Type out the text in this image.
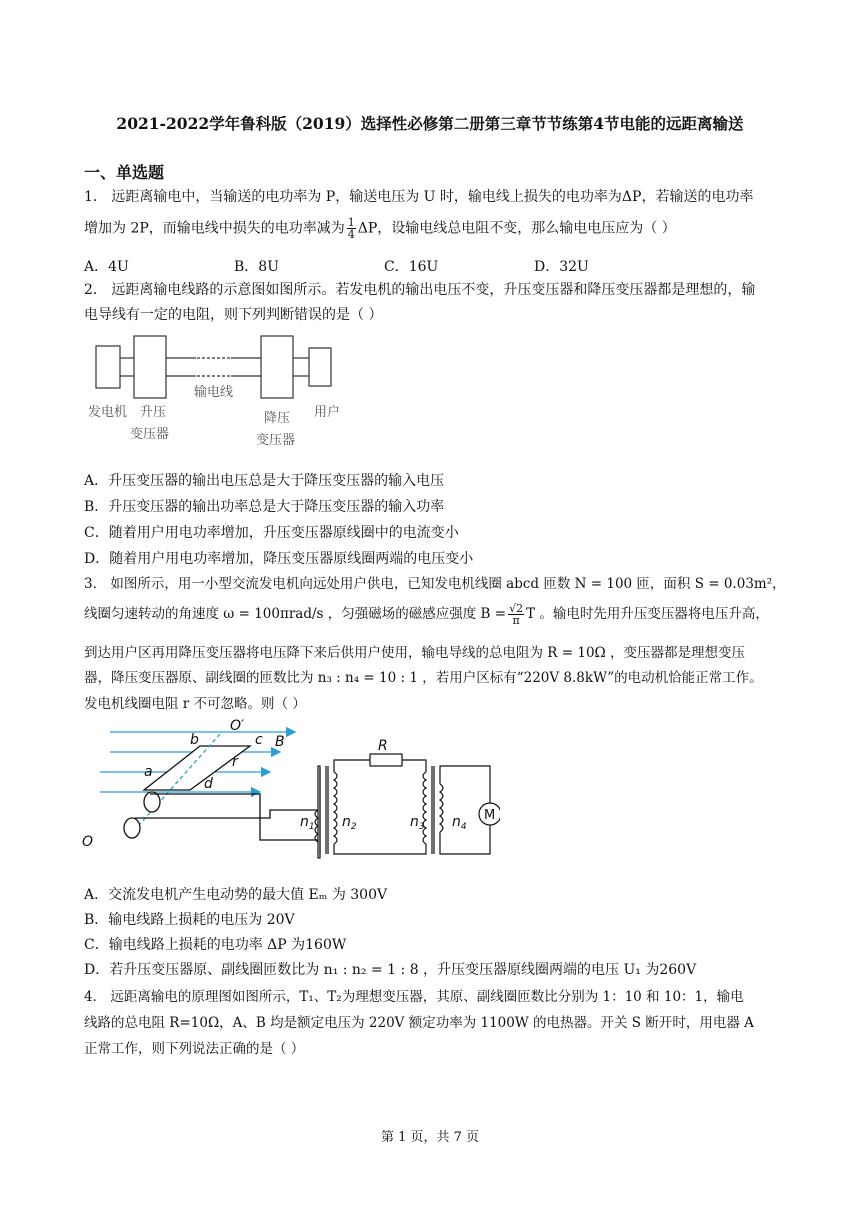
2021-2022学年鲁科版（2019）选择性必修第二册第三章节节练第4节电能的远距离输送
一、单选题
1． 远距离输电中，当输送的电功率为 P，输送电压为 U 时，输电线上损失的电功率为ΔP，若输送的电功率
增加为 2P，而输电线中损失的电功率减为 $\frac{1}{4}$ ΔP，设输电线总电阻不变，那么输电电压应为（ ）
A．4U	B．8U	C．16U	D．32U
2． 远距离输电线路的示意图如图所示。若发电机的输出电压不变，升压变压器和降压变压器都是理想的，输
电导线有一定的电阻，则下列判断错误的是（ ）
输电线
发电机 升压
变压器
降压
变压器
用户
A．升压变压器的输出电压总是大于降压变压器的输入电压
B．升压变压器的输出功率总是大于降压变压器的输入功率
C．随着用户用电功率增加，升压变压器原线圈中的电流变小
D．随着用户用电功率增加，降压变压器原线圈两端的电压变小
3． 如图所示，用一小型交流发电机向远处用户供电，已知发电机线圈 abcd 匝数 N = 100 匝，面积 S = 0.03m²，
线圈匀速转动的角速度 ω = 100πrad/s ，匀强磁场的磁感应强度 $B = \frac{√2}{\pi}$ T 。输电时先用升压变压器将电压升高，
到达用户区再用降压变压器将电压降下来后供用户使用，输电导线的总电阻为 R = 10Ω ，变压器都是理想变压
器，降压变压器原、副线圈的匝数比为 n₃ : n₄ = 10 : 1 ，若用户区标有“220V 8.8kW”的电动机恰能正常工作。
发电机线圈电阻 r 不可忽略。则（ ）
O′
b	c B
r
a
d
O
R
$n_1$ $n_2$	$n_3$ $n_4$
M
A．交流发电机产生电动势的最大值 Eₘ 为 300V
B．输电线路上损耗的电压为 20V
C．输电线路上损耗的电功率 ΔP 为160W
D．若升压变压器原、副线圈匝数比为 n₁ : n₂ = 1 : 8 ，升压变压器原线圈两端的电压 U₁ 为260V
4． 远距离输电的原理图如图所示，T₁、T₂为理想变压器，其原、副线圈匝数比分别为 1：10 和 10：1，输电
线路的总电阻 R=10Ω，A、B 均是额定电压为 220V 额定功率为 1100W 的电热器。开关 S 断开时，用电器 A
正常工作，则下列说法正确的是（ ）
第 1 页，共 7 页
